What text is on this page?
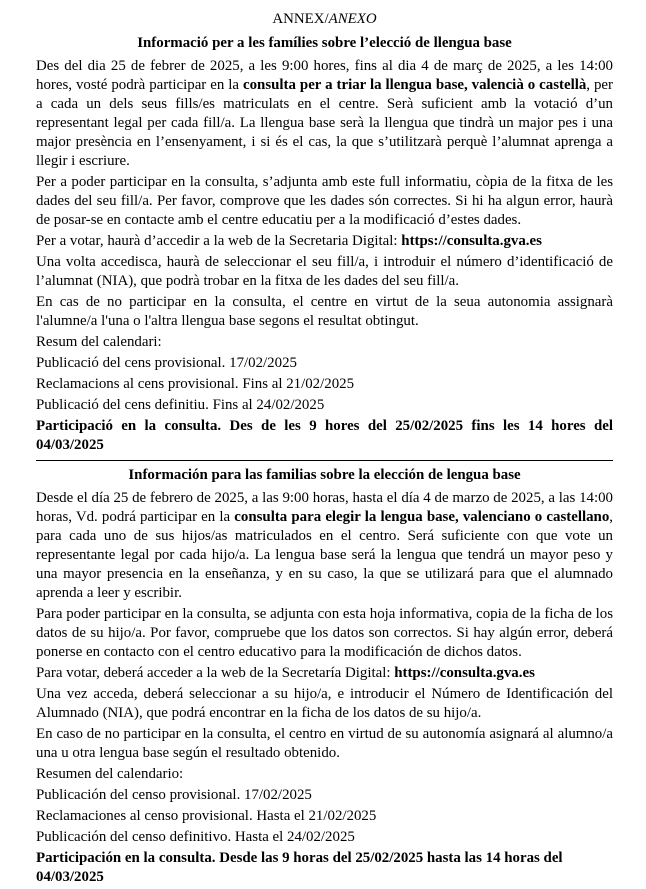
ANNEX/ANEXO

Informació per a les famílies sobre l’elecció de llengua base

Des del dia 25 de febrer de 2025, a les 9:00 hores, fins al dia 4 de març de 2025, a les 14:00 hores, vosté podrà participar en la consulta per a triar la llengua base, valencià o castellà, per a cada un dels seus fills/es matriculats en el centre. Serà suficient amb la votació d’un representant legal per cada fill/a. La llengua base serà la llengua que tindrà un major pes i una major presència en l’ensenyament, i si és el cas, la que s’utilitzarà perquè l’alumnat aprenga a llegir i escriure.

Per a poder participar en la consulta, s’adjunta amb este full informatiu, còpia de la fitxa de les dades del seu fill/a. Per favor, comprove que les dades són correctes. Si hi ha algun error, haurà de posar-se en contacte amb el centre educatiu per a la modificació d’estes dades.

Per a votar, haurà d’accedir a la web de la Secretaria Digital: https://consulta.gva.es

Una volta accedisca, haurà de seleccionar el seu fill/a, i introduir el número d’identificació de l’alumnat (NIA), que podrà trobar en la fitxa de les dades del seu fill/a.

En cas de no participar en la consulta, el centre en virtut de la seua autonomia assignarà l'alumne/a l'una o l'altra llengua base segons el resultat obtingut.

Resum del calendari:

Publicació del cens provisional. 17/02/2025

Reclamacions al cens provisional. Fins al 21/02/2025

Publicació del cens definitiu. Fins al 24/02/2025

Participació en la consulta. Des de les 9 hores del 25/02/2025 fins les 14 hores del 04/03/2025

Información para las familias sobre la elección de lengua base

Desde el día 25 de febrero de 2025, a las 9:00 horas, hasta el día 4 de marzo de 2025, a las 14:00 horas, Vd. podrá participar en la consulta para elegir la lengua base, valenciano o castellano, para cada uno de sus hijos/as matriculados en el centro. Será suficiente con que vote un representante legal por cada hijo/a. La lengua base será la lengua que tendrá un mayor peso y una mayor presencia en la enseñanza, y en su caso, la que se utilizará para que el alumnado aprenda a leer y escribir.

Para poder participar en la consulta, se adjunta con esta hoja informativa, copia de la ficha de los datos de su hijo/a. Por favor, compruebe que los datos son correctos. Si hay algún error, deberá ponerse en contacto con el centro educativo para la modificación de dichos datos.

Para votar, deberá acceder a la web de la Secretaría Digital: https://consulta.gva.es

Una vez acceda, deberá seleccionar a su hijo/a, e introducir el Número de Identificación del Alumnado (NIA), que podrá encontrar en la ficha de los datos de su hijo/a.

En caso de no participar en la consulta, el centro en virtud de su autonomía asignará al alumno/a una u otra lengua base según el resultado obtenido.

Resumen del calendario:

Publicación del censo provisional. 17/02/2025

Reclamaciones al censo provisional. Hasta el 21/02/2025

Publicación del censo definitivo. Hasta el 24/02/2025

Participación en la consulta. Desde las 9 horas del 25/02/2025 hasta las 14 horas del 04/03/2025
